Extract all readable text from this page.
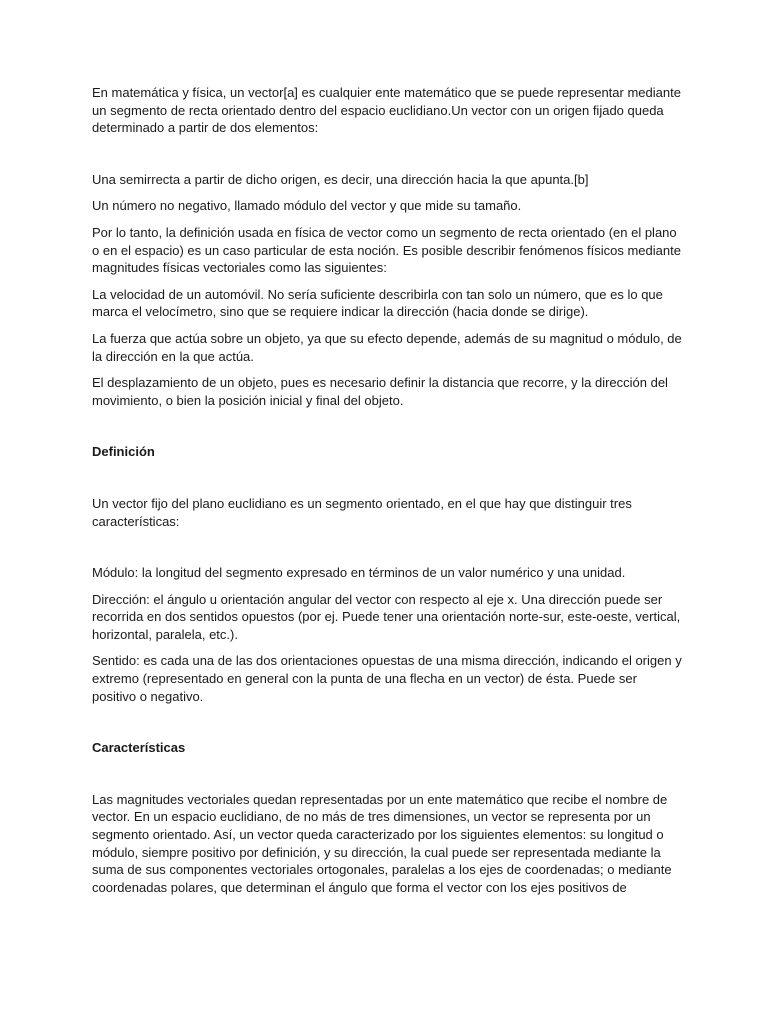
En matemática y física, un vector[a] es cualquier ente matemático que se puede representar mediante un segmento de recta orientado dentro del espacio euclidiano.Un vector con un origen fijado queda determinado a partir de dos elementos:

Una semirrecta a partir de dicho origen, es decir, una dirección hacia la que apunta.[b]

Un número no negativo, llamado módulo del vector y que mide su tamaño.

Por lo tanto, la definición usada en física de vector como un segmento de recta orientado (en el plano o en el espacio) es un caso particular de esta noción. Es posible describir fenómenos físicos mediante magnitudes físicas vectoriales como las siguientes:

La velocidad de un automóvil. No sería suficiente describirla con tan solo un número, que es lo que marca el velocímetro, sino que se requiere indicar la dirección (hacia donde se dirige).

La fuerza que actúa sobre un objeto, ya que su efecto depende, además de su magnitud o módulo, de la dirección en la que actúa.

El desplazamiento de un objeto, pues es necesario definir la distancia que recorre, y la dirección del movimiento, o bien la posición inicial y final del objeto.

Definición

Un vector fijo del plano euclidiano es un segmento orientado, en el que hay que distinguir tres características:

Módulo: la longitud del segmento expresado en términos de un valor numérico y una unidad.

Dirección: el ángulo u orientación angular del vector con respecto al eje x. Una dirección puede ser recorrida en dos sentidos opuestos (por ej. Puede tener una orientación norte-sur, este-oeste, vertical, horizontal, paralela, etc.).

Sentido: es cada una de las dos orientaciones opuestas de una misma dirección, indicando el origen y extremo (representado en general con la punta de una flecha en un vector) de ésta. Puede ser positivo o negativo.

Características

Las magnitudes vectoriales quedan representadas por un ente matemático que recibe el nombre de vector. En un espacio euclidiano, de no más de tres dimensiones, un vector se representa por un segmento orientado. Así, un vector queda caracterizado por los siguientes elementos: su longitud o módulo, siempre positivo por definición, y su dirección, la cual puede ser representada mediante la suma de sus componentes vectoriales ortogonales, paralelas a los ejes de coordenadas; o mediante coordenadas polares, que determinan el ángulo que forma el vector con los ejes positivos de
